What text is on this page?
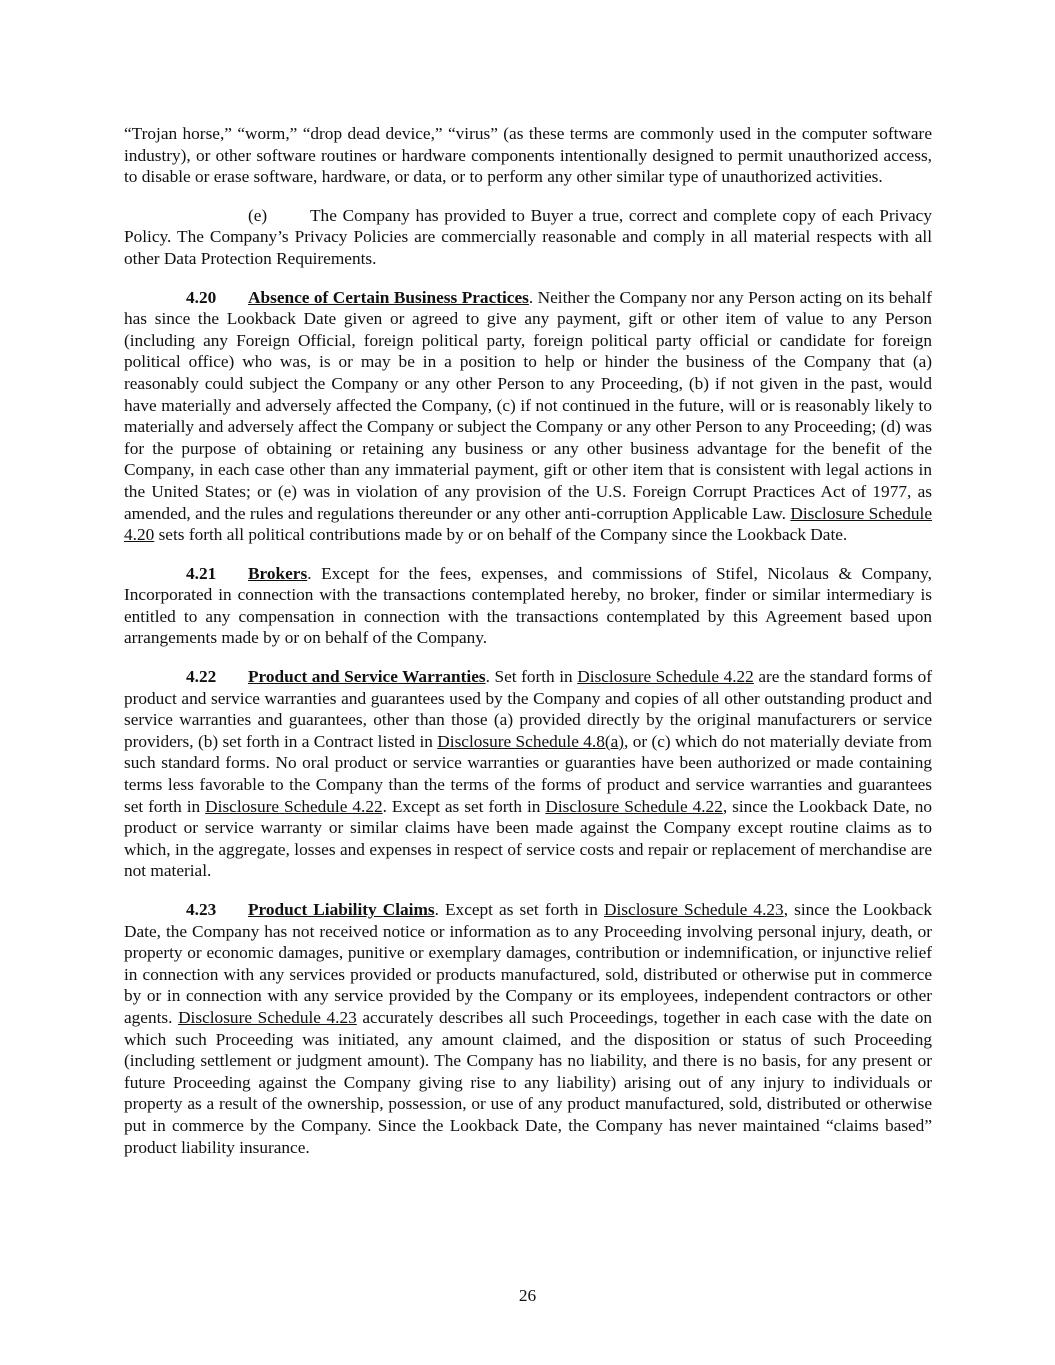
“Trojan horse,” “worm,” “drop dead device,” “virus” (as these terms are commonly used in the computer software industry), or other software routines or hardware components intentionally designed to permit unauthorized access, to disable or erase software, hardware, or data, or to perform any other similar type of unauthorized activities.

(e) The Company has provided to Buyer a true, correct and complete copy of each Privacy Policy. The Company’s Privacy Policies are commercially reasonable and comply in all material respects with all other Data Protection Requirements.

4.20 Absence of Certain Business Practices. Neither the Company nor any Person acting on its behalf has since the Lookback Date given or agreed to give any payment, gift or other item of value to any Person (including any Foreign Official, foreign political party, foreign political party official or candidate for foreign political office) who was, is or may be in a position to help or hinder the business of the Company that (a) reasonably could subject the Company or any other Person to any Proceeding, (b) if not given in the past, would have materially and adversely affected the Company, (c) if not continued in the future, will or is reasonably likely to materially and adversely affect the Company or subject the Company or any other Person to any Proceeding; (d) was for the purpose of obtaining or retaining any business or any other business advantage for the benefit of the Company, in each case other than any immaterial payment, gift or other item that is consistent with legal actions in the United States; or (e) was in violation of any provision of the U.S. Foreign Corrupt Practices Act of 1977, as amended, and the rules and regulations thereunder or any other anti-corruption Applicable Law. Disclosure Schedule 4.20 sets forth all political contributions made by or on behalf of the Company since the Lookback Date.

4.21 Brokers. Except for the fees, expenses, and commissions of Stifel, Nicolaus & Company, Incorporated in connection with the transactions contemplated hereby, no broker, finder or similar intermediary is entitled to any compensation in connection with the transactions contemplated by this Agreement based upon arrangements made by or on behalf of the Company.

4.22 Product and Service Warranties. Set forth in Disclosure Schedule 4.22 are the standard forms of product and service warranties and guarantees used by the Company and copies of all other outstanding product and service warranties and guarantees, other than those (a) provided directly by the original manufacturers or service providers, (b) set forth in a Contract listed in Disclosure Schedule 4.8(a), or (c) which do not materially deviate from such standard forms. No oral product or service warranties or guaranties have been authorized or made containing terms less favorable to the Company than the terms of the forms of product and service warranties and guarantees set forth in Disclosure Schedule 4.22. Except as set forth in Disclosure Schedule 4.22, since the Lookback Date, no product or service warranty or similar claims have been made against the Company except routine claims as to which, in the aggregate, losses and expenses in respect of service costs and repair or replacement of merchandise are not material.

4.23 Product Liability Claims. Except as set forth in Disclosure Schedule 4.23, since the Lookback Date, the Company has not received notice or information as to any Proceeding involving personal injury, death, or property or economic damages, punitive or exemplary damages, contribution or indemnification, or injunctive relief in connection with any services provided or products manufactured, sold, distributed or otherwise put in commerce by or in connection with any service provided by the Company or its employees, independent contractors or other agents. Disclosure Schedule 4.23 accurately describes all such Proceedings, together in each case with the date on which such Proceeding was initiated, any amount claimed, and the disposition or status of such Proceeding (including settlement or judgment amount). The Company has no liability, and there is no basis, for any present or future Proceeding against the Company giving rise to any liability) arising out of any injury to individuals or property as a result of the ownership, possession, or use of any product manufactured, sold, distributed or otherwise put in commerce by the Company. Since the Lookback Date, the Company has never maintained “claims based” product liability insurance.

26
